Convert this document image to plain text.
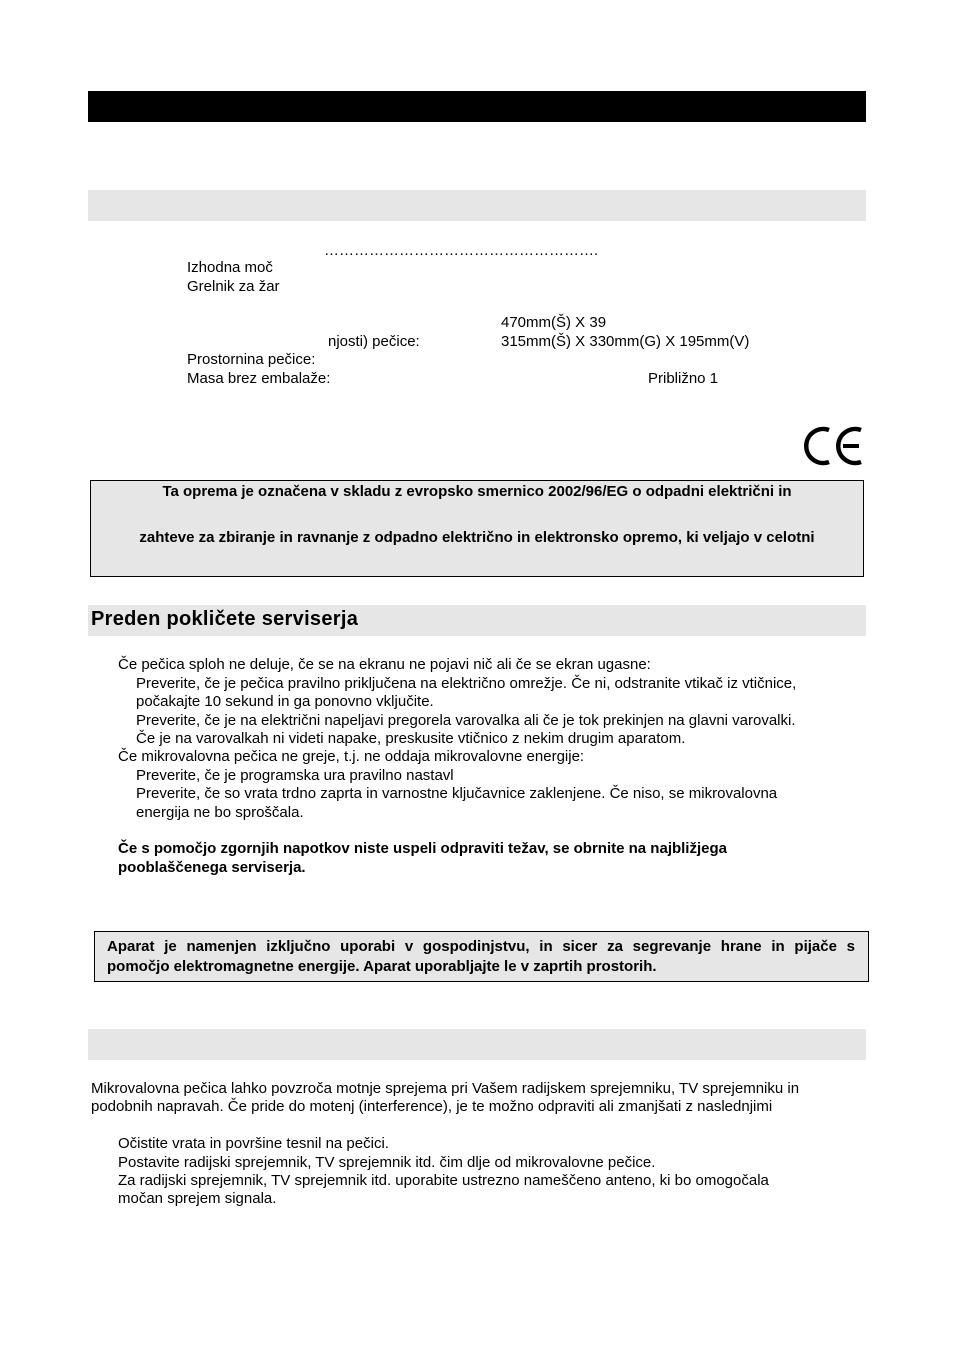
……………………………………………….
Izhodna moč
Grelnik za žar
470mm(Š) X 39
njosti) pečice:	315mm(Š) X 330mm(G) X 195mm(V)
Prostornina pečice:
Masa brez embalaže:	Približno 1
Ta oprema je označena v skladu z evropsko smernico 2002/96/EG o odpadni električni in
zahteve za zbiranje in ravnanje z odpadno električno in elektronsko opremo, ki veljajo v celotni
Preden pokličete serviserja
Če pečica sploh ne deluje, če se na ekranu ne pojavi nič ali če se ekran ugasne:
Preverite, če je pečica pravilno priključena na električno omrežje. Če ni, odstranite vtikač iz vtičnice,
počakajte 10 sekund in ga ponovno vključite.
Preverite, če je na električni napeljavi pregorela varovalka ali če je tok prekinjen na glavni varovalki.
Če je na varovalkah ni videti napake, preskusite vtičnico z nekim drugim aparatom.
Če mikrovalovna pečica ne greje, t.j. ne oddaja mikrovalovne energije:
Preverite, če je programska ura pravilno nastavl
Preverite, če so vrata trdno zaprta in varnostne ključavnice zaklenjene. Če niso, se mikrovalovna
energija ne bo sproščala.
Če s pomočjo zgornjih napotkov niste uspeli odpraviti težav, se obrnite na najbližjega
pooblaščenega serviserja.
Aparat je namenjen izključno uporabi v gospodinjstvu, in sicer za segrevanje hrane in pijače s
pomočjo elektromagnetne energije. Aparat uporabljajte le v zaprtih prostorih.
Mikrovalovna pečica lahko povzroča motnje sprejema pri Vašem radijskem sprejemniku, TV sprejemniku in
podobnih napravah. Če pride do motenj (interference), je te možno odpraviti ali zmanjšati z naslednjimi
Očistite vrata in površine tesnil na pečici.
Postavite radijski sprejemnik, TV sprejemnik itd. čim dlje od mikrovalovne pečice.
Za radijski sprejemnik, TV sprejemnik itd. uporabite ustrezno nameščeno anteno, ki bo omogočala
močan sprejem signala.
